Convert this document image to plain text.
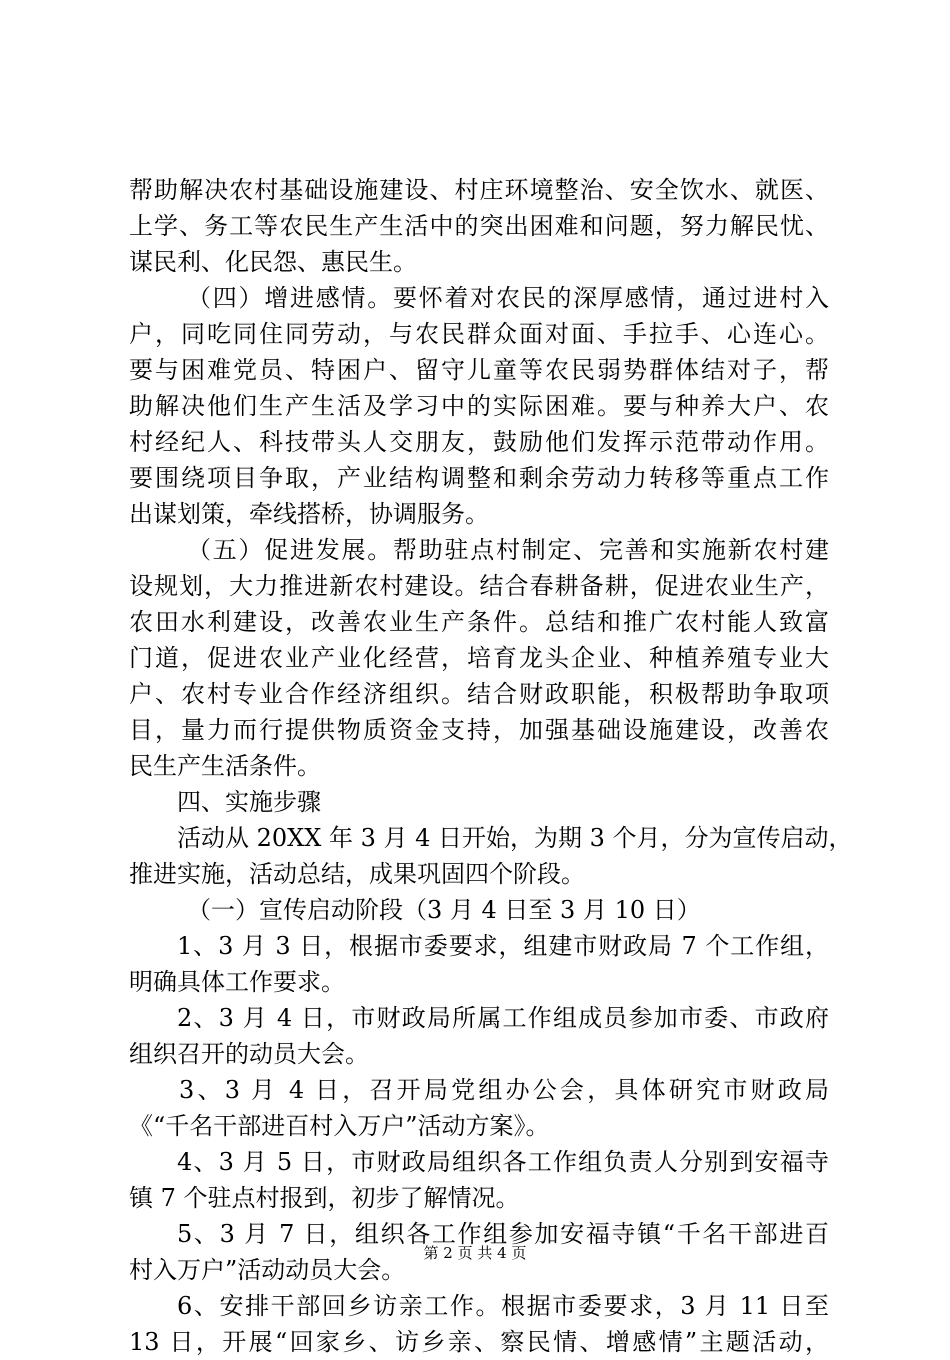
帮助解决农村基础设施建设、村庄环境整治、安全饮水、就医、
上学、务工等农民生产生活中的突出困难和问题，努力解民忧、
谋民利、化民怨、惠民生。
（四）增进感情。要怀着对农民的深厚感情，通过进村入
户，同吃同住同劳动，与农民群众面对面、手拉手、心连心。
要与困难党员、特困户、留守儿童等农民弱势群体结对子，帮
助解决他们生产生活及学习中的实际困难。要与种养大户、农
村经纪人、科技带头人交朋友，鼓励他们发挥示范带动作用。
要围绕项目争取，产业结构调整和剩余劳动力转移等重点工作
出谋划策，牵线搭桥，协调服务。
（五）促进发展。帮助驻点村制定、完善和实施新农村建
设规划，大力推进新农村建设。结合春耕备耕，促进农业生产，
农田水利建设，改善农业生产条件。总结和推广农村能人致富
门道，促进农业产业化经营，培育龙头企业、种植养殖专业大
户、农村专业合作经济组织。结合财政职能，积极帮助争取项
目，量力而行提供物质资金支持，加强基础设施建设，改善农
民生产生活条件。
四、实施步骤
活动从 20XX 年 3 月 4 日开始，为期 3 个月，分为宣传启动，
推进实施，活动总结，成果巩固四个阶段。
（一）宣传启动阶段（3 月 4 日至 3 月 10 日）
1、3 月 3 日，根据市委要求，组建市财政局 7 个工作组，
明确具体工作要求。
2、3 月 4 日，市财政局所属工作组成员参加市委、市政府
组织召开的动员大会。
3、3 月 4 日，召开局党组办公会，具体研究市财政局
《“千名干部进百村入万户”活动方案》。
4、3 月 5 日，市财政局组织各工作组负责人分别到安福寺
镇 7 个驻点村报到，初步了解情况。
5、3 月 7 日，组织各工作组参加安福寺镇“千名干部进百
村入万户”活动动员大会。
6、安排干部回乡访亲工作。根据市委要求，3 月 11 日至
13 日，开展“回家乡、访乡亲、察民情、增感情”主题活动，
第 2 页 共 4 页
